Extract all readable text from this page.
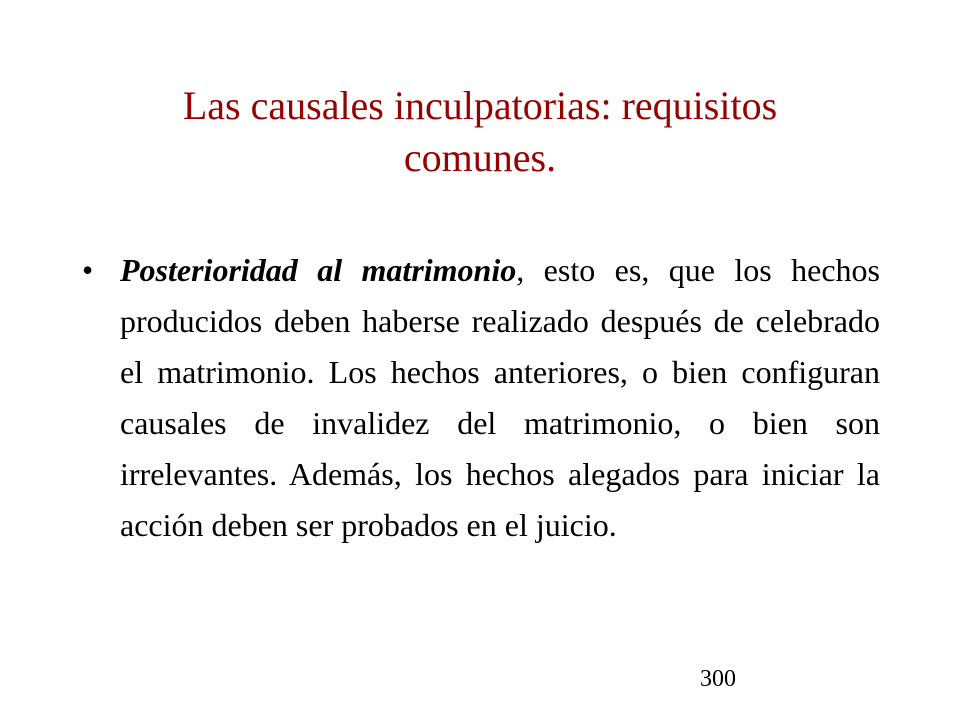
Las causales inculpatorias: requisitos comunes.
• Posterioridad al matrimonio, esto es, que los hechos producidos deben haberse realizado después de celebrado el matrimonio. Los hechos anteriores, o bien configuran causales de invalidez del matrimonio, o bien son irrelevantes. Además, los hechos alegados para iniciar la acción deben ser probados en el juicio.
300
